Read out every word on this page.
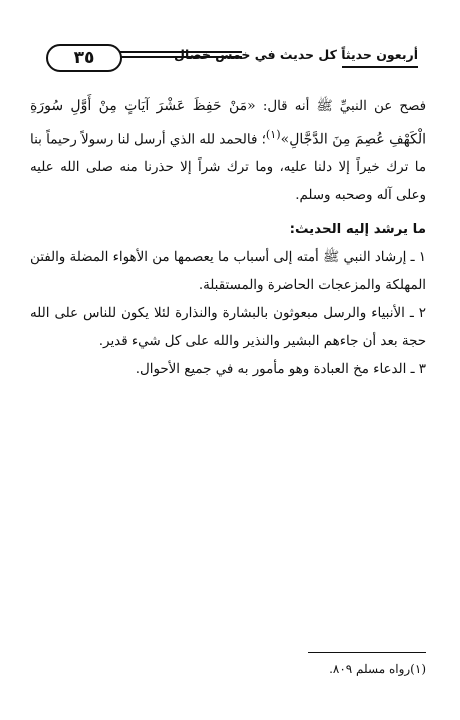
٣٥	أربعون حديثاً كل حديث في خمس خصال

فصح عن النبيِّ ﷺ أنه قال: «مَنْ حَفِظَ عَشْرَ آيَاتٍ مِنْ أَوَّلِ سُورَةِ الْكَهْفِ عُصِمَ مِنَ الدَّجَّالِ»$^{(١)}$؛ فالحمد لله الذي أرسل لنا رسولاً رحيماً بنا ما ترك خيراً إلا دلنا عليه، وما ترك شراً إلا حذرنا منه صلى الله عليه وعلى آله وصحبه وسلم.

ما يرشد إليه الحديث:

١ ـ إرشاد النبي ﷺ أمته إلى أسباب ما يعصمها من الأهواء المضلة والفتن المهلكة والمزعجات الحاضرة والمستقبلة.

٢ ـ الأنبياء والرسل مبعوثون بالبشارة والنذارة لئلا يكون للناس على الله حجة بعد أن جاءهم البشير والنذير والله على كل شيء قدير.

٣ ـ الدعاء مخ العبادة وهو مأمور به في جميع الأحوال.

(١)رواه مسلم ٨٠٩.
